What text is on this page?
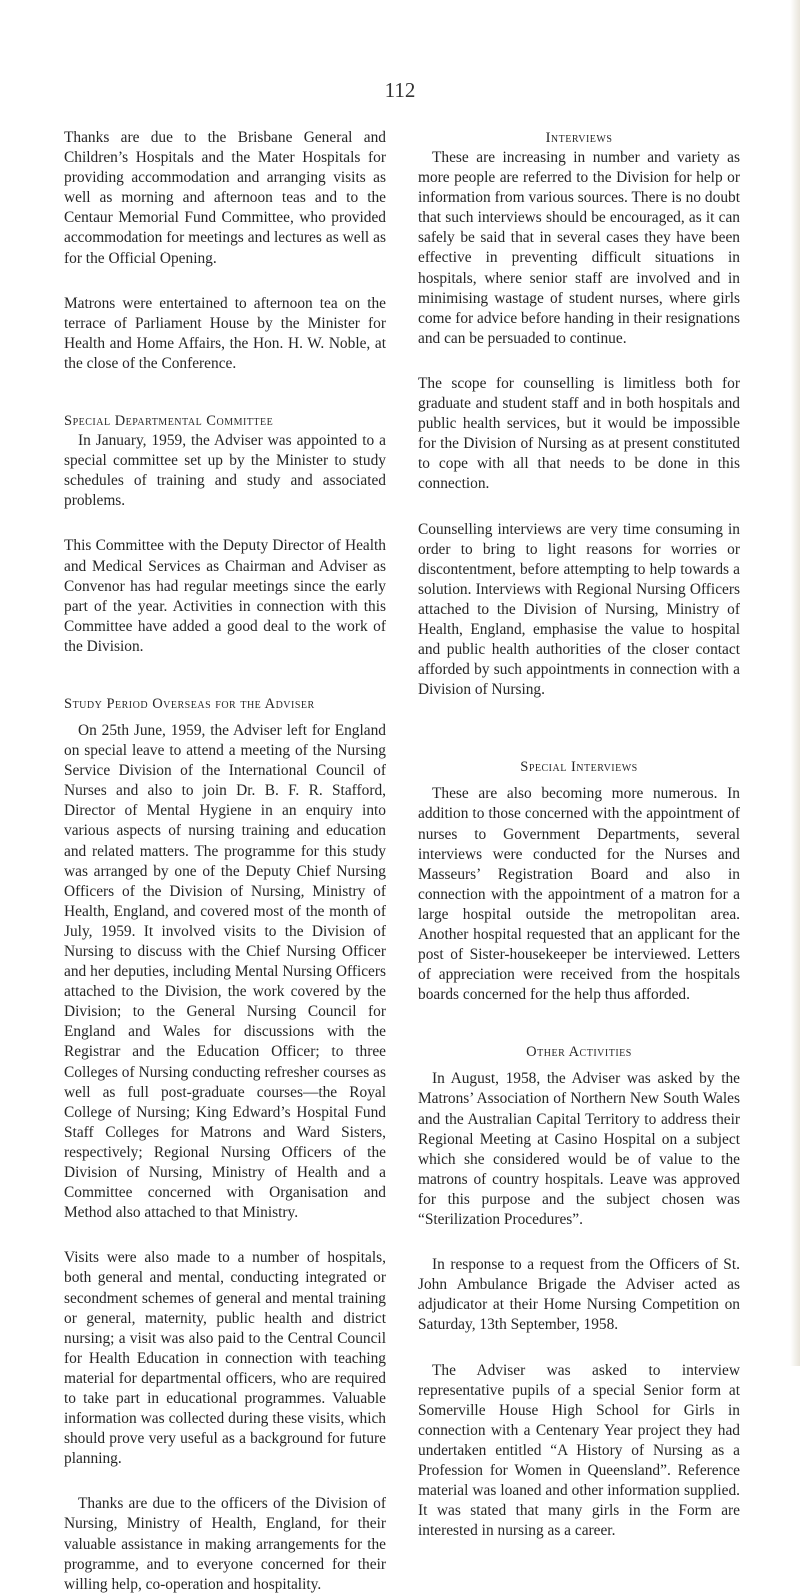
112

Thanks are due to the Brisbane General and Children’s Hospitals and the Mater Hospitals for providing accommodation and arranging visits as well as morning and afternoon teas and to the Centaur Memorial Fund Committee, who provided accommodation for meetings and lectures as well as for the Official Opening.

Matrons were entertained to afternoon tea on the terrace of Parliament House by the Minister for Health and Home Affairs, the Hon. H. W. Noble, at the close of the Conference.

Special Departmental Committee

In January, 1959, the Adviser was appointed to a special committee set up by the Minister to study schedules of training and study and associated problems.

This Committee with the Deputy Director of Health and Medical Services as Chairman and Adviser as Convenor has had regular meetings since the early part of the year. Activities in connection with this Committee have added a good deal to the work of the Division.

Study Period Overseas for the Adviser

On 25th June, 1959, the Adviser left for England on special leave to attend a meeting of the Nursing Service Division of the International Council of Nurses and also to join Dr. B. F. R. Stafford, Director of Mental Hygiene in an enquiry into various aspects of nursing training and education and related matters. The programme for this study was arranged by one of the Deputy Chief Nursing Officers of the Division of Nursing, Ministry of Health, England, and covered most of the month of July, 1959. It involved visits to the Division of Nursing to discuss with the Chief Nursing Officer and her deputies, including Mental Nursing Officers attached to the Division, the work covered by the Division; to the General Nursing Council for England and Wales for discussions with the Registrar and the Education Officer; to three Colleges of Nursing conducting refresher courses as well as full post-graduate courses—the Royal College of Nursing; King Edward’s Hospital Fund Staff Colleges for Matrons and Ward Sisters, respectively; Regional Nursing Officers of the Division of Nursing, Ministry of Health and a Committee concerned with Organisation and Method also attached to that Ministry.

Visits were also made to a number of hospitals, both general and mental, conducting integrated or secondment schemes of general and mental training or general, maternity, public health and district nursing; a visit was also paid to the Central Council for Health Education in connection with teaching material for departmental officers, who are required to take part in educational programmes. Valuable information was collected during these visits, which should prove very useful as a background for future planning.

Thanks are due to the officers of the Division of Nursing, Ministry of Health, England, for their valuable assistance in making arrangements for the programme, and to everyone concerned for their willing help, co-operation and hospitality.

Interviews

These are increasing in number and variety as more people are referred to the Division for help or information from various sources. There is no doubt that such interviews should be encouraged, as it can safely be said that in several cases they have been effective in preventing difficult situations in hospitals, where senior staff are involved and in minimising wastage of student nurses, where girls come for advice before handing in their resignations and can be persuaded to continue.

The scope for counselling is limitless both for graduate and student staff and in both hospitals and public health services, but it would be impossible for the Division of Nursing as at present constituted to cope with all that needs to be done in this connection.

Counselling interviews are very time consuming in order to bring to light reasons for worries or discontentment, before attempting to help towards a solution. Interviews with Regional Nursing Officers attached to the Division of Nursing, Ministry of Health, England, emphasise the value to hospital and public health authorities of the closer contact afforded by such appointments in connection with a Division of Nursing.

Special Interviews

These are also becoming more numerous. In addition to those concerned with the appointment of nurses to Government Departments, several interviews were conducted for the Nurses and Masseurs’ Registration Board and also in connection with the appointment of a matron for a large hospital outside the metropolitan area. Another hospital requested that an applicant for the post of Sister-housekeeper be interviewed. Letters of appreciation were received from the hospitals boards concerned for the help thus afforded.

Other Activities

In August, 1958, the Adviser was asked by the Matrons’ Association of Northern New South Wales and the Australian Capital Territory to address their Regional Meeting at Casino Hospital on a subject which she considered would be of value to the matrons of country hospitals. Leave was approved for this purpose and the subject chosen was “Sterilization Procedures”.

In response to a request from the Officers of St. John Ambulance Brigade the Adviser acted as adjudicator at their Home Nursing Competition on Saturday, 13th September, 1958.

The Adviser was asked to interview representative pupils of a special Senior form at Somerville House High School for Girls in connection with a Centenary Year project they had undertaken entitled “A History of Nursing as a Profession for Women in Queensland”. Reference material was loaned and other information supplied. It was stated that many girls in the Form are interested in nursing as a career.
